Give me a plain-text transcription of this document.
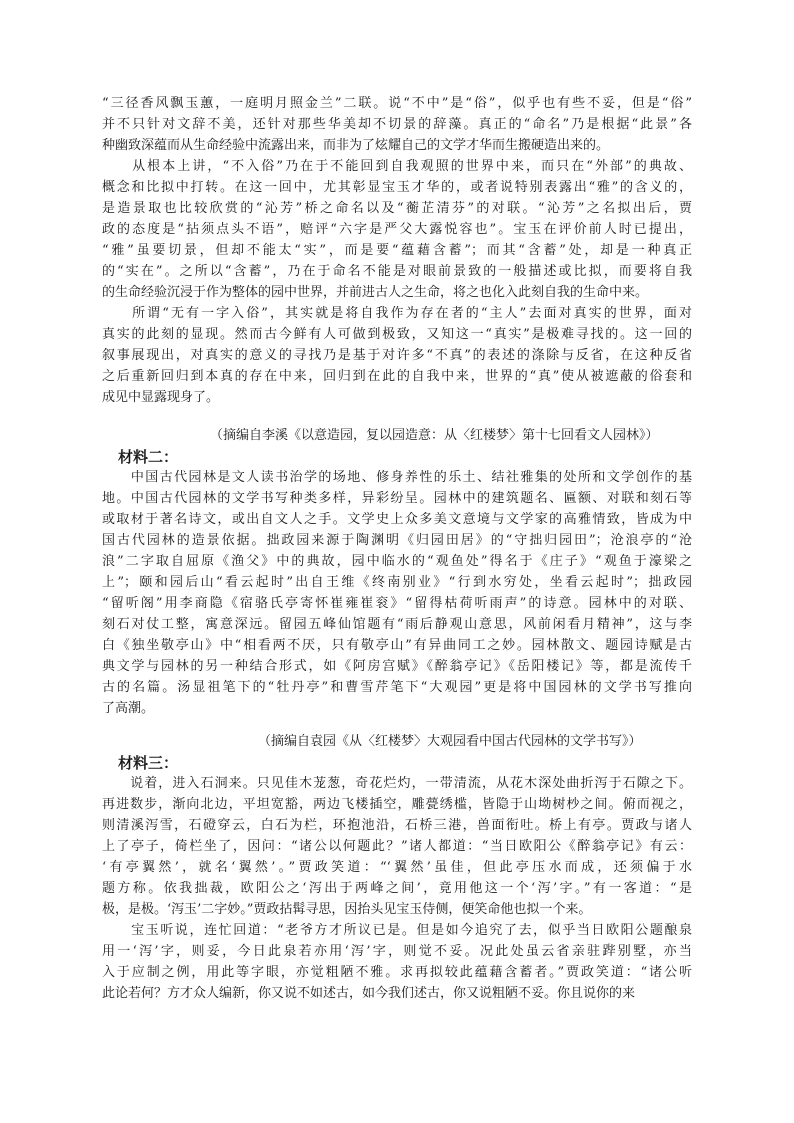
“三径香风飘玉蕙，一庭明月照金兰”二联。说“不中”是“俗”，似乎也有些不妥，但是“俗”
并不只针对文辞不美，还针对那些华美却不切景的辞藻。真正的“命名”乃是根据“此景”各
种幽致深蕴而从生命经验中流露出来，而非为了炫耀自己的文学才华而生搬硬造出来的。
　　从根本上讲，“不入俗”乃在于不能回到自我观照的世界中来，而只在“外部”的典故、
概念和比拟中打转。在这一回中，尤其彰显宝玉才华的，或者说特别表露出“雅”的含义的，
是造景取也比较欣赏的“沁芳”桥之命名以及“蘅芷清芬”的对联。“沁芳”之名拟出后，贾
政的态度是“拈须点头不语”，赔评“六字是严父大露悦容也”。宝玉在评价前人时已提出，
“雅”虽要切景，但却不能太“实”，而是要“蕴藉含蓄”；而其“含蓄”处，却是一种真正
的“实在”。之所以“含蓄”，乃在于命名不能是对眼前景致的一般描述或比拟，而要将自我
的生命经验沉浸于作为整体的园中世界，并前进古人之生命，将之也化入此刻自我的生命中来。
　　所谓“无有一字入俗”，其实就是将自我作为存在者的“主人”去面对真实的世界，面对
真实的此刻的显现。然而古今鲜有人可做到极致，又知这一“真实”是极难寻找的。这一回的
叙事展现出，对真实的意义的寻找乃是基于对许多“不真”的表述的涤除与反省，在这种反省
之后重新回归到本真的存在中来，回归到在此的自我中来，世界的“真”使从被遮蔽的俗套和
成见中显露现身了。
（摘编自李溪《以意造园，复以园造意：从〈红楼梦〉第十七回看文人园林》）
材料二：
　　中国古代园林是文人读书治学的场地、修身养性的乐土、结社雅集的处所和文学创作的基
地。中国古代园林的文学书写种类多样，异彩纷呈。园林中的建筑题名、匾额、对联和刻石等
或取材于著名诗文，或出自文人之手。文学史上众多美文意境与文学家的高雅情致，皆成为中
国古代园林的造景依据。拙政园来源于陶渊明《归园田居》的“守拙归园田”；沧浪亭的“沧
浪”二字取自屈原《渔父》中的典故，园中临水的“观鱼处”得名于《庄子》“观鱼于濠梁之
上”；颐和园后山“看云起时”出自王维《终南别业》“行到水穷处，坐看云起时”；拙政园
“留听阁”用李商隐《宿骆氏亭寄怀崔雍崔衮》“留得枯荷听雨声”的诗意。园林中的对联、
刻石对仗工整，寓意深远。留园五峰仙馆题有“雨后静观山意思，风前闲看月精神”，这与李
白《独坐敬亭山》中“相看两不厌，只有敬亭山”有异曲同工之妙。园林散文、题园诗赋是古
典文学与园林的另一种结合形式，如《阿房宫赋》《醉翁亭记》《岳阳楼记》等，都是流传千
古的名篇。汤显祖笔下的“牡丹亭”和曹雪芹笔下“大观园”更是将中国园林的文学书写推向
了高潮。
（摘编自袁园《从〈红楼梦〉大观园看中国古代园林的文学书写》）
材料三：
　　说着，进入石洞来。只见佳木茏葱，奇花烂灼，一带清流，从花木深处曲折泻于石隙之下。
再进数步，渐向北边，平坦宽豁，两边飞楼插空，雕甍绣槛，皆隐于山坳树杪之间。俯而视之，
则清溪泻雪，石磴穿云，白石为栏，环抱池沿，石桥三港，兽面衔吐。桥上有亭。贾政与诸人
上了亭子，倚栏坐了，因问：“诸公以何题此？”诸人都道：“当日欧阳公《醉翁亭记》有云：
‘有亭翼然’，就名‘翼然’。”贾政笑道：“‘翼然’虽佳，但此亭压水而成，还须偏于水
题方称。依我拙裁，欧阳公之‘泻出于两峰之间’，竟用他这一个‘泻’字。”有一客道：“是
极，是极。‘泻玉’二字妙。”贾政拈髯寻思，因抬头见宝玉侍侧，便笑命他也拟一个来。
　　宝玉听说，连忙回道：“老爷方才所议已是。但是如今追究了去，似乎当日欧阳公题酿泉
用一‘泻’字，则妥，今日此泉若亦用‘泻’字，则觉不妥。况此处虽云省亲驻跸别墅，亦当
入于应制之例，用此等字眼，亦觉粗陋不雅。求再拟较此蕴藉含蓄者。”贾政笑道：“诸公听
此论若何？方才众人编新，你又说不如述古，如今我们述古，你又说粗陋不妥。你且说你的来
